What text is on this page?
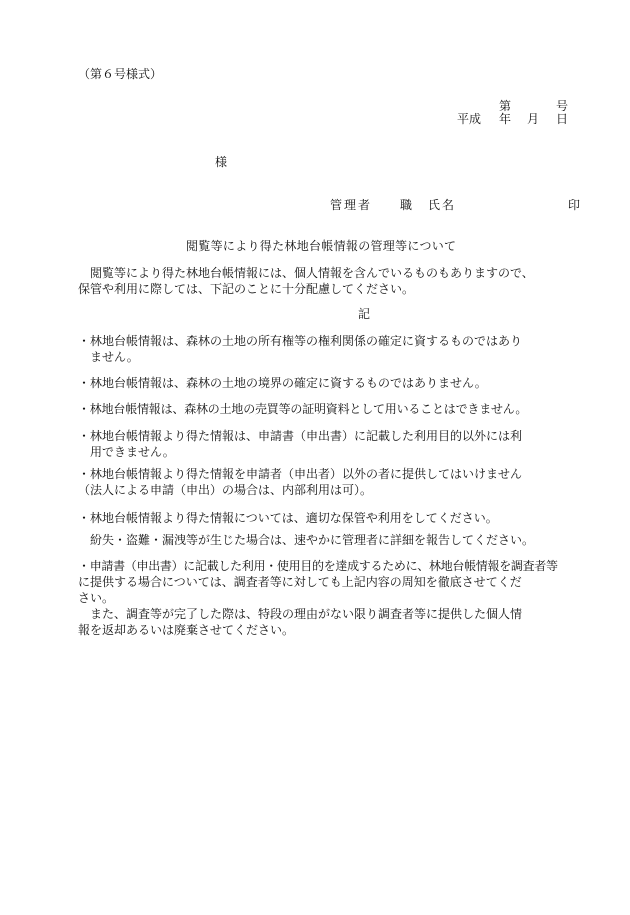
（第６号様式）
第	号
平成 年 月 日
様
管理者 職 氏名	印
閲覧等により得た林地台帳情報の管理等について
　閲覧等により得た林地台帳情報には、個人情報を含んでいるものもありますので、
保管や利用に際しては、下記のことに十分配慮してください。
記
・林地台帳情報は、森林の土地の所有権等の権利関係の確定に資するものではあり
　ません。
・林地台帳情報は、森林の土地の境界の確定に資するものではありません。
・林地台帳情報は、森林の土地の売買等の証明資料として用いることはできません。
・林地台帳情報より得た情報は、申請書（申出書）に記載した利用目的以外には利
　用できません。
・林地台帳情報より得た情報を申請者（申出者）以外の者に提供してはいけません
（法人による申請（申出）の場合は、内部利用は可）。
・林地台帳情報より得た情報については、適切な保管や利用をしてください。
　紛失・盗難・漏洩等が生じた場合は、速やかに管理者に詳細を報告してください。
・申請書（申出書）に記載した利用・使用目的を達成するために、林地台帳情報を調査者等
に提供する場合については、調査者等に対しても上記内容の周知を徹底させてくだ
さい。
　また、調査等が完了した際は、特段の理由がない限り調査者等に提供した個人情
報を返却あるいは廃棄させてください。
